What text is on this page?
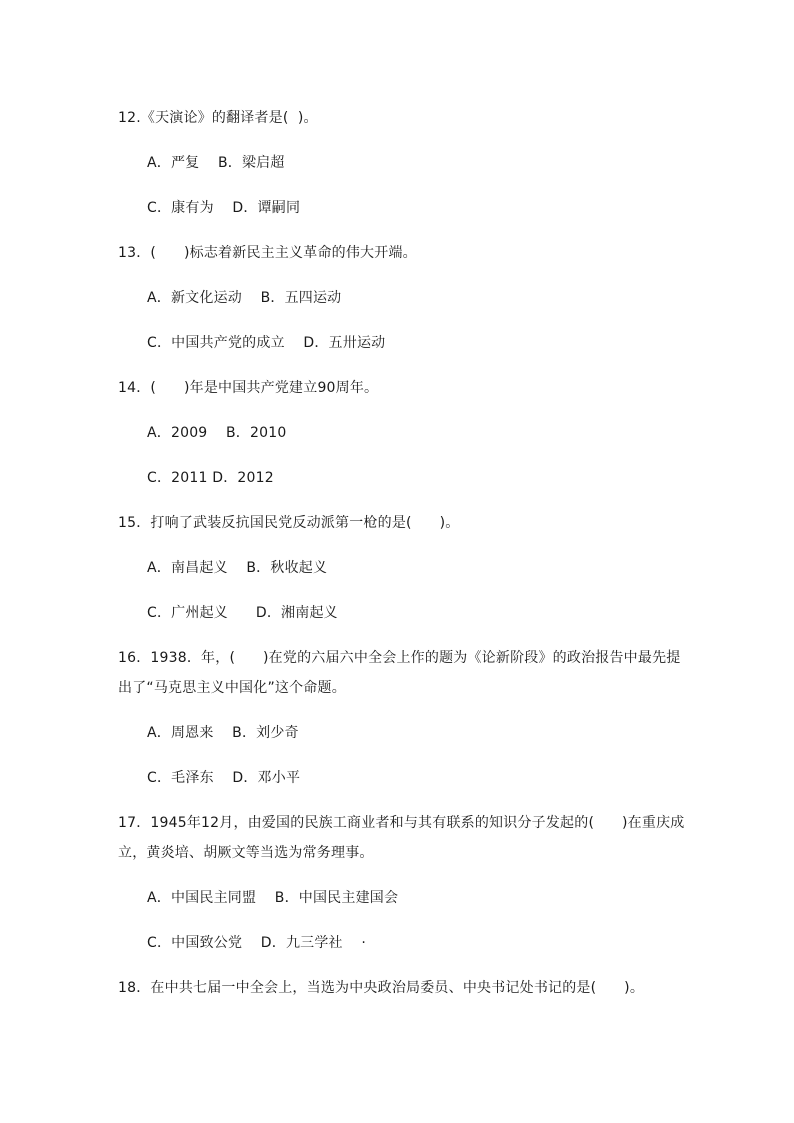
12.《天演论》的翻译者是(  )。
A．严复    B．梁启超
C．康有为    D．谭嗣同
13．(      )标志着新民主主义革命的伟大开端。
A．新文化运动    B．五四运动
C．中国共产党的成立    D．五卅运动
14．(      )年是中国共产党建立90周年。
A．2009    B．2010
C．2011 D．2012
15．打响了武装反抗国民党反动派第一枪的是(      )。
A．南昌起义    B．秋收起义
C．广州起义      D．湘南起义
16．1938．年，(      )在党的六届六中全会上作的题为《论新阶段》的政治报告中最先提
出了“马克思主义中国化”这个命题。
A．周恩来    B．刘少奇
C．毛泽东    D．邓小平
17．1945年12月，由爱国的民族工商业者和与其有联系的知识分子发起的(      )在重庆成
立，黄炎培、胡厥文等当选为常务理事。
A．中国民主同盟    B．中国民主建国会
C．中国致公党    D．九三学社    ·
18．在中共七届一中全会上，当选为中央政治局委员、中央书记处书记的是(      )。
